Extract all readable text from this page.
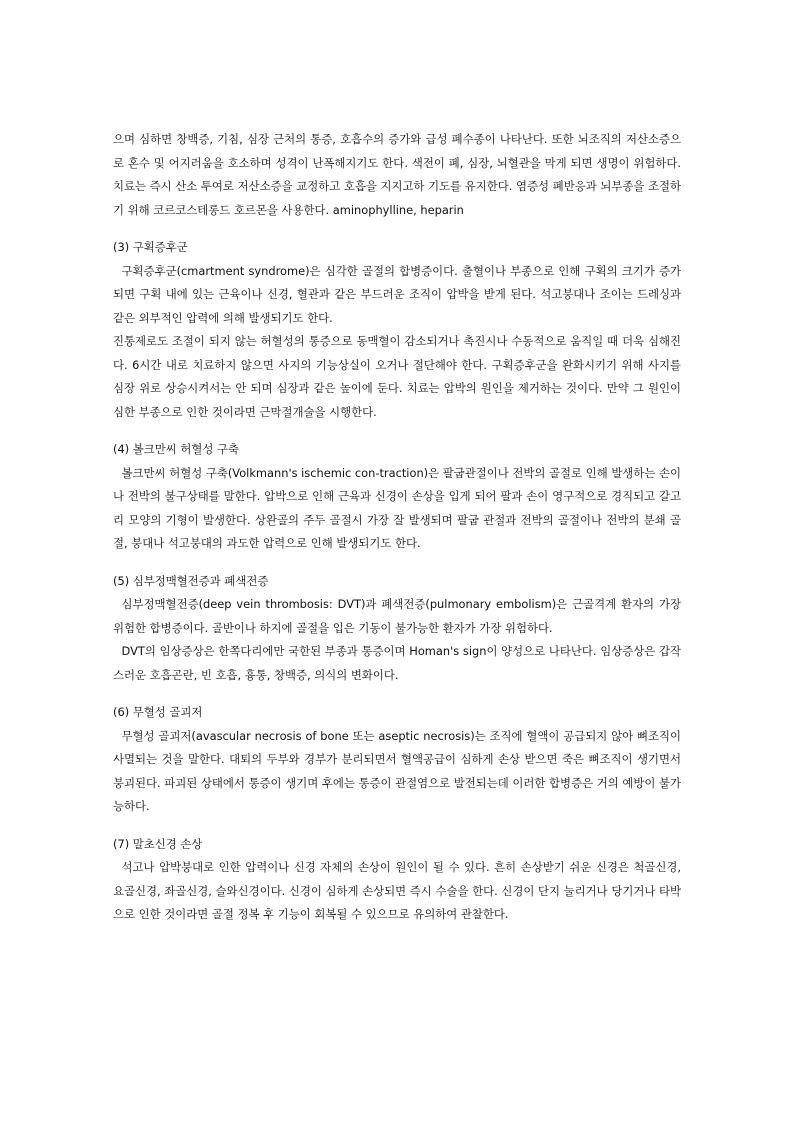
으며 심하면 창백증, 기침, 심장 근처의 통증, 호흡수의 증가와 급성 폐수종이 나타난다. 또한 뇌조직의 저산소증으로 혼수 및 어지러움을 호소하며 성격이 난폭해지기도 한다. 색전이 폐, 심장, 뇌혈관을 막게 되면 생명이 위험하다. 치료는 즉시 산소 투여로 저산소증을 교정하고 호흡을 지지고하 기도를 유지한다. 염증성 폐반응과 뇌부종을 조절하기 위해 코르코스테롱드 호르몬을 사용한다. aminophylline, heparin

(3) 구획증후군

구획증후군(cmartment syndrome)은 심각한 골절의 합병증이다. 출혈이나 부종으로 인해 구획의 크기가 증가되면 구획 내에 있는 근육이나 신경, 혈관과 같은 부드러운 조직이 압박을 받게 된다. 석고붕대나 조이는 드레싱과 같은 외부적인 압력에 의해 발생되기도 한다.

진통제로도 조절이 되지 않는 허혈성의 통증으로 동맥혈이 감소되거나 촉진시나 수동적으로 움직일 때 더욱 심해진다. 6시간 내로 치료하지 않으면 사지의 기능상실이 오거나 절단해야 한다. 구획증후군을 완화시키기 위해 사지를 심장 위로 상승시켜서는 안 되며 심장과 같은 높이에 둔다. 치료는 압박의 원인을 제거하는 것이다. 만약 그 원인이 심한 부종으로 인한 것이라면 근막절개술을 시행한다.

(4) 볼크만씨 허혈성 구축

볼크만씨 허혈성 구축(Volkmann's ischemic con-traction)은 팔굽관절이나 전박의 골절로 인해 발생하는 손이나 전박의 불구상태를 말한다. 압박으로 인해 근육과 신경이 손상을 입게 되어 팔과 손이 영구적으로 경직되고 갈고리 모양의 기형이 발생한다. 상완골의 주두 골절시 가장 잘 발생되며 팔굽 관절과 전박의 골절이나 전박의 분쇄 골절, 붕대나 석고붕대의 과도한 압력으로 인해 발생되기도 한다.

(5) 심부정맥혈전증과 폐색전증

심부정맥혈전증(deep vein thrombosis: DVT)과 폐색전증(pulmonary embolism)은 근골격계 환자의 가장 위험한 합병증이다. 골반이나 하지에 골절을 입은 기동이 불가능한 환자가 가장 위험하다.

DVT의 임상증상은 한쪽다리에만 국한된 부종과 통증이며 Homan's sign이 양성으로 나타난다. 임상증상은 갑작스러운 호흡곤란, 빈 호흡, 흉통, 창백증, 의식의 변화이다.

(6) 무혈성 골괴저

무혈성 골괴저(avascular necrosis of bone 또는 aseptic necrosis)는 조직에 혈액이 공급되지 않아 뼈조직이 사멸되는 것을 말한다. 대퇴의 두부와 경부가 분리되면서 혈액공급이 심하게 손상 받으면 죽은 뼈조직이 생기면서 붕괴된다. 파괴된 상태에서 통증이 생기며 후에는 통증이 관절염으로 발전되는데 이러한 합병증은 거의 예방이 불가능하다.

(7) 말초신경 손상

석고나 압박붕대로 인한 압력이나 신경 자체의 손상이 원인이 될 수 있다. 흔히 손상받기 쉬운 신경은 척골신경, 요골신경, 좌골신경, 슬와신경이다. 신경이 심하게 손상되면 즉시 수술을 한다. 신경이 단지 눌리거나 당기거나 타박으로 인한 것이라면 골절 정복 후 기능이 회복될 수 있으므로 유의하여 관찰한다.
